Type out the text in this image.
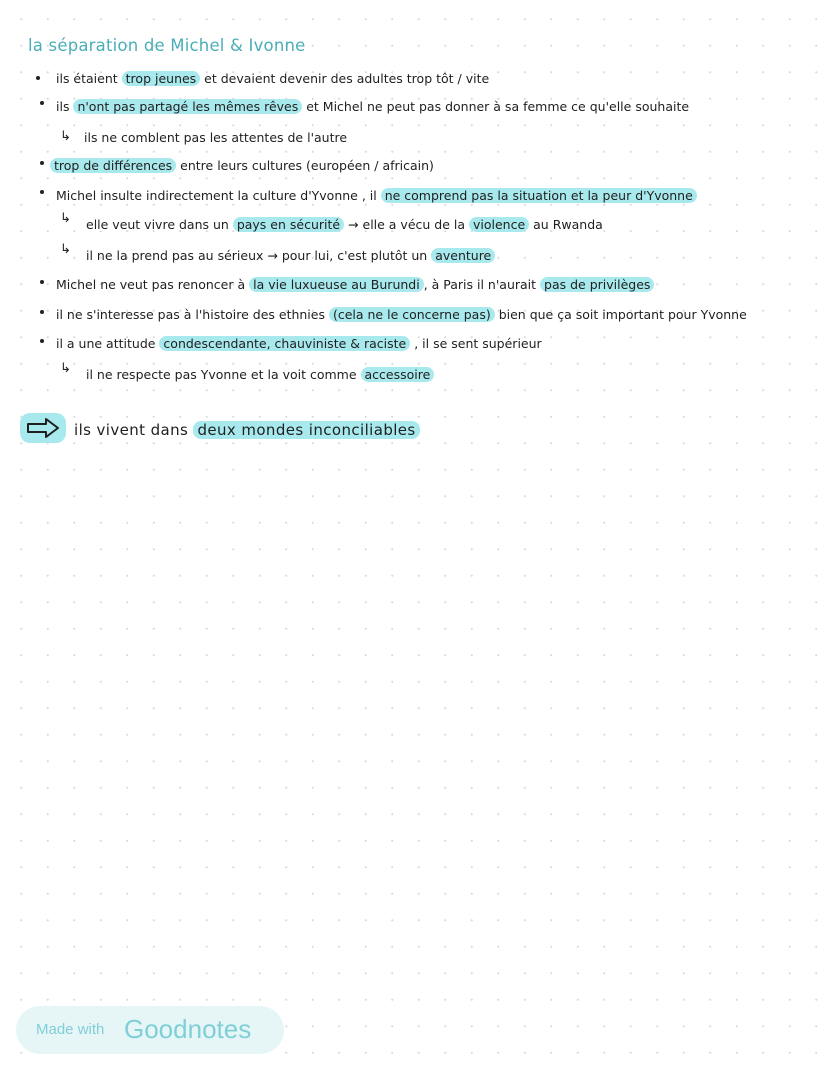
la séparation de Michel & Ivonne
ils étaient trop jeunes et devaient devenir des adultes trop tôt / vite
ils n'ont pas partagé les mêmes rêves et Michel ne peut pas donner à sa femme ce qu'elle souhaite
↳ ils ne comblent pas les attentes de l'autre
trop de différences entre leurs cultures (européen / africain)
Michel insulte indirectement la culture d'Yvonne , il ne comprend pas la situation et la peur d'Yvonne
↳ elle veut vivre dans un pays en sécurité → elle a vécu de la violence au Rwanda
↳ il ne la prend pas au sérieux → pour lui, c'est plutôt un aventure
Michel ne veut pas renoncer à la vie luxueuse au Burundi , à Paris il n'aurait pas de privilèges
il ne s'interesse pas à l'histoire des ethnies (cela ne le concerne pas) bien que ça soit important pour Yvonne
il a une attitude condescendante, chauviniste & raciste , il se sent supérieur
↳ il ne respecte pas Yvonne et la voit comme accessoire
ils vivent dans deux mondes inconciliables
Made with Goodnotes
